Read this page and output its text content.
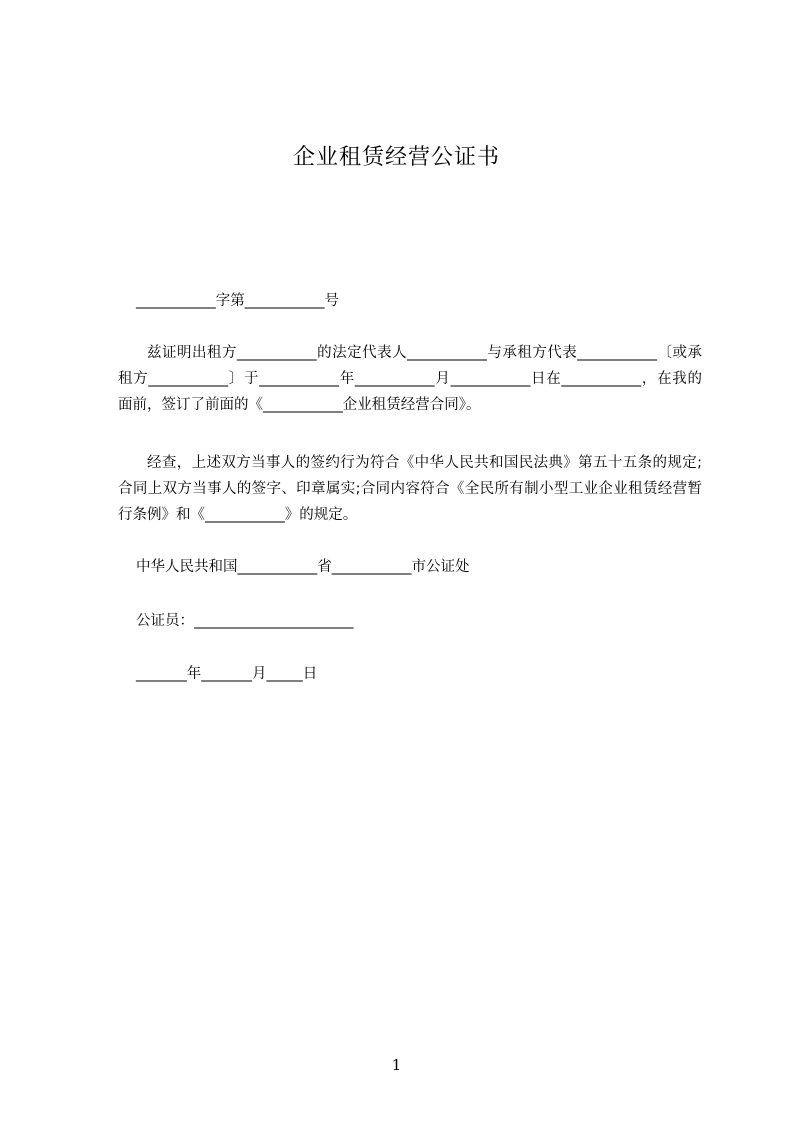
企业租赁经营公证书
___________字第___________号

兹证明出租方___________的法定代表人___________与承租方代表___________〔或承租方___________〕于___________年___________月___________日在___________，在我的面前，签订了前面的《___________企业租赁经营合同》。

经查，上述双方当事人的签约行为符合《中华人民共和国民法典》第五十五条的规定;合同上双方当事人的签字、印章属实;合同内容符合《全民所有制小型工业企业租赁经营暂行条例》和《___________》的规定。

中华人民共和国___________省___________市公证处
公证员：______________________
_______年_______月_____日
1
